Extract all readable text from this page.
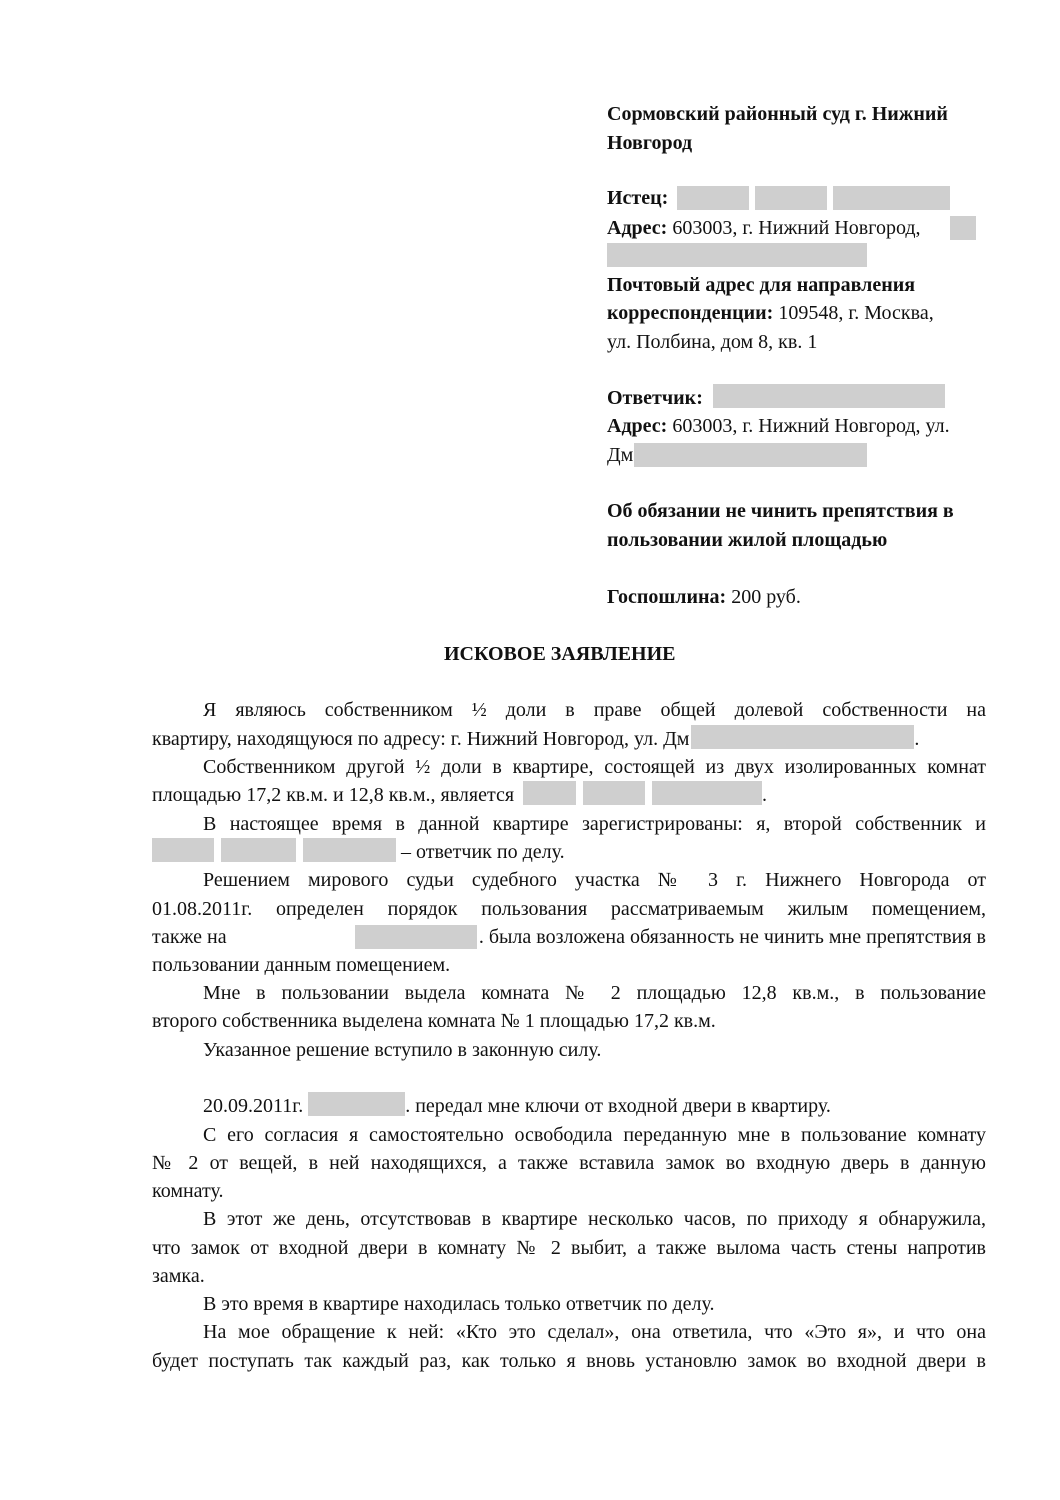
Сормовский районный суд г. Нижний
Новгород
Истец:
Адрес: 603003, г. Нижний Новгород,
Почтовый адрес для направления
корреспонденции: 109548, г. Москва,
ул. Полбина, дом 8, кв. 1
Ответчик:
Адрес: 603003, г. Нижний Новгород, ул.
Дм
Об обязании не чинить препятствия в
пользовании жилой площадью
Госпошлина: 200 руб.
ИСКОВОЕ ЗАЯВЛЕНИЕ
Я являюсь собственником ½ доли в праве общей долевой собственности на
квартиру, находящуюся по адресу: г. Нижний Новгород, ул. Дм	.
Собственником другой ½ доли в квартире, состоящей из двух изолированных комнат
площадью 17,2 кв.м. и 12,8 кв.м., является	.
В настоящее время в данной квартире зарегистрированы: я, второй собственник и
– ответчик по делу.
Решением мирового судьи судебного участка № 3 г. Нижнего Новгорода от
01.08.2011г. определен порядок пользования рассматриваемым жилым помещением,
также на	. была возложена обязанность не чинить мне препятствия в
пользовании данным помещением.
Мне в пользовании выдела комната № 2 площадью 12,8 кв.м., в пользование
второго собственника выделена комната № 1 площадью 17,2 кв.м.
Указанное решение вступило в законную силу.
20.09.2011г.	. передал мне ключи от входной двери в квартиру.
С его согласия я самостоятельно освободила переданную мне в пользование комнату
№ 2 от вещей, в ней находящихся, а также вставила замок во входную дверь в данную
комнату.
В этот же день, отсутствовав в квартире несколько часов, по приходу я обнаружила,
что замок от входной двери в комнату № 2 выбит, а также вылома часть стены напротив
замка.
В это время в квартире находилась только ответчик по делу.
На мое обращение к ней: «Кто это сделал», она ответила, что «Это я», и что она
будет поступать так каждый раз, как только я вновь установлю замок во входной двери в
